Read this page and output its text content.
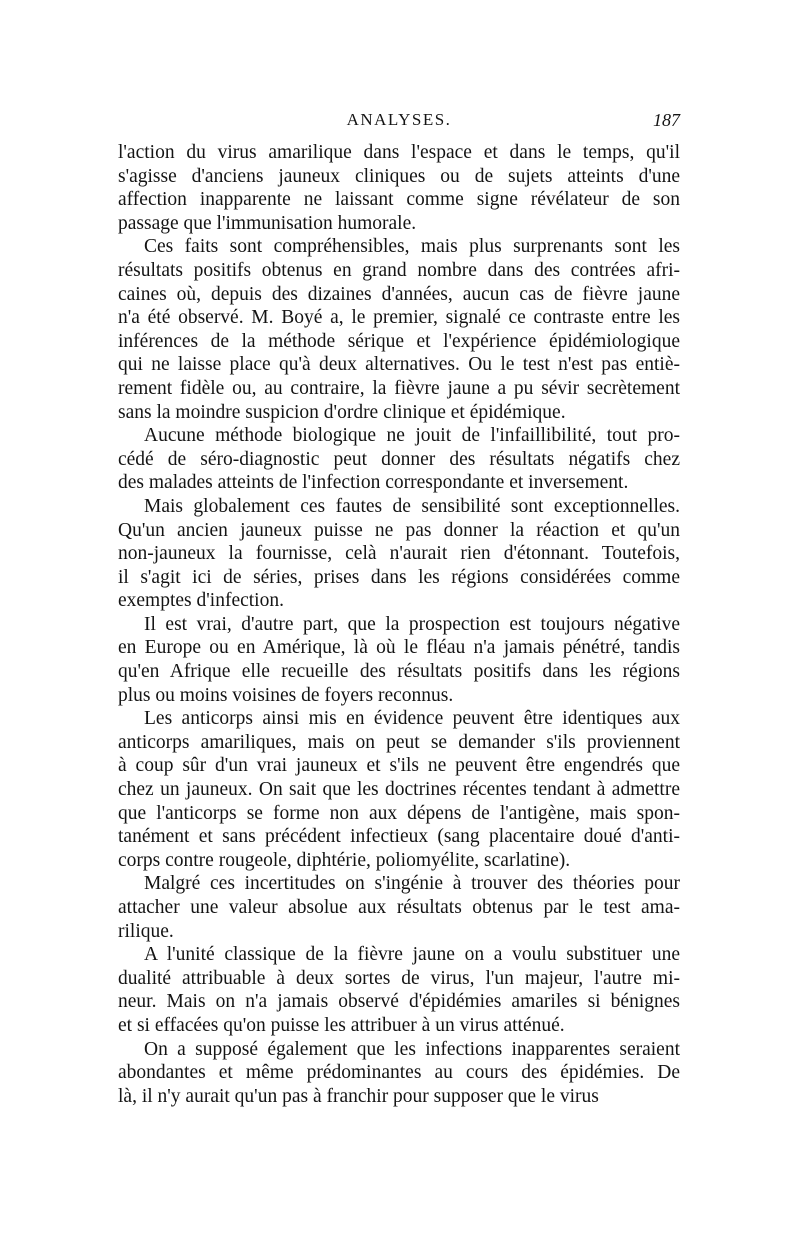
ANALYSES.	187
l'action du virus amarilique dans l'espace et dans le temps, qu'il
s'agisse d'anciens jauneux cliniques ou de sujets atteints d'une
affection inapparente ne laissant comme signe révélateur de son
passage que l'immunisation humorale.
Ces faits sont compréhensibles, mais plus surprenants sont les
résultats positifs obtenus en grand nombre dans des contrées afri-
caines où, depuis des dizaines d'années, aucun cas de fièvre jaune
n'a été observé. M. Boyé a, le premier, signalé ce contraste entre les
inférences de la méthode sérique et l'expérience épidémiologique
qui ne laisse place qu'à deux alternatives. Ou le test n'est pas entiè-
rement fidèle ou, au contraire, la fièvre jaune a pu sévir secrètement
sans la moindre suspicion d'ordre clinique et épidémique.
Aucune méthode biologique ne jouit de l'infaillibilité, tout pro-
cédé de séro-diagnostic peut donner des résultats négatifs chez
des malades atteints de l'infection correspondante et inversement.
Mais globalement ces fautes de sensibilité sont exceptionnelles.
Qu'un ancien jauneux puisse ne pas donner la réaction et qu'un
non-jauneux la fournisse, celà n'aurait rien d'étonnant. Toutefois,
il s'agit ici de séries, prises dans les régions considérées comme
exemptes d'infection.
Il est vrai, d'autre part, que la prospection est toujours négative
en Europe ou en Amérique, là où le fléau n'a jamais pénétré, tandis
qu'en Afrique elle recueille des résultats positifs dans les régions
plus ou moins voisines de foyers reconnus.
Les anticorps ainsi mis en évidence peuvent être identiques aux
anticorps amariliques, mais on peut se demander s'ils proviennent
à coup sûr d'un vrai jauneux et s'ils ne peuvent être engendrés que
chez un jauneux. On sait que les doctrines récentes tendant à admettre
que l'anticorps se forme non aux dépens de l'antigène, mais spon-
tanément et sans précédent infectieux (sang placentaire doué d'anti-
corps contre rougeole, diphtérie, poliomyélite, scarlatine).
Malgré ces incertitudes on s'ingénie à trouver des théories pour
attacher une valeur absolue aux résultats obtenus par le test ama-
rilique.
A l'unité classique de la fièvre jaune on a voulu substituer une
dualité attribuable à deux sortes de virus, l'un majeur, l'autre mi-
neur. Mais on n'a jamais observé d'épidémies amariles si bénignes
et si effacées qu'on puisse les attribuer à un virus atténué.
On a supposé également que les infections inapparentes seraient
abondantes et même prédominantes au cours des épidémies. De
là, il n'y aurait qu'un pas à franchir pour supposer que le virus
